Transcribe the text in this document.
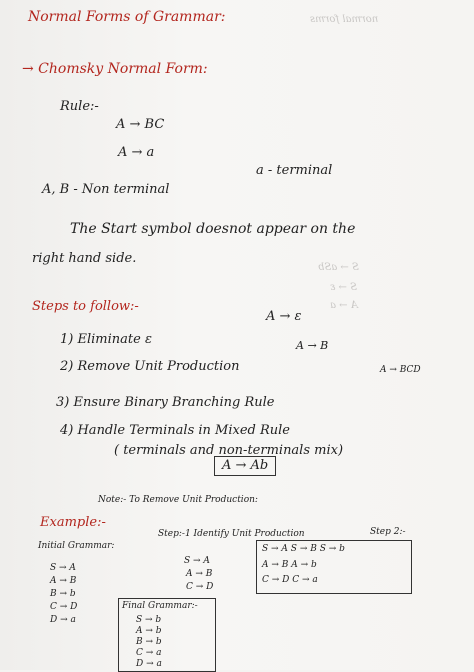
normal forms
S → aSb
S → ε
A → a
Normal Forms of Grammar:
→ Chomsky Normal Form:
Rule:-
A → BC
A → a
A, B - Non terminal
a - terminal
The Start symbol doesnot appear on the
right hand side.
Steps to follow:-
A → ε
1) Eliminate ε	A → B
2) Remove Unit Production	A → BCD
3) Ensure Binary Branching Rule
4) Handle Terminals in Mixed Rule
( terminals and non-terminals mix)
A → Ab
Example:-
Note:- To Remove Unit Production:
Initial Grammar:
S → A
A → B
B → b
C → D
D → a
Step:-1 Identify Unit Production
S → A
A → B
C → D
Step 2:-
S → A S → B S → b
A → B A → b
C → D C → a
Final Grammar:-
S → b
A → b
B → b
C → a
D → a
